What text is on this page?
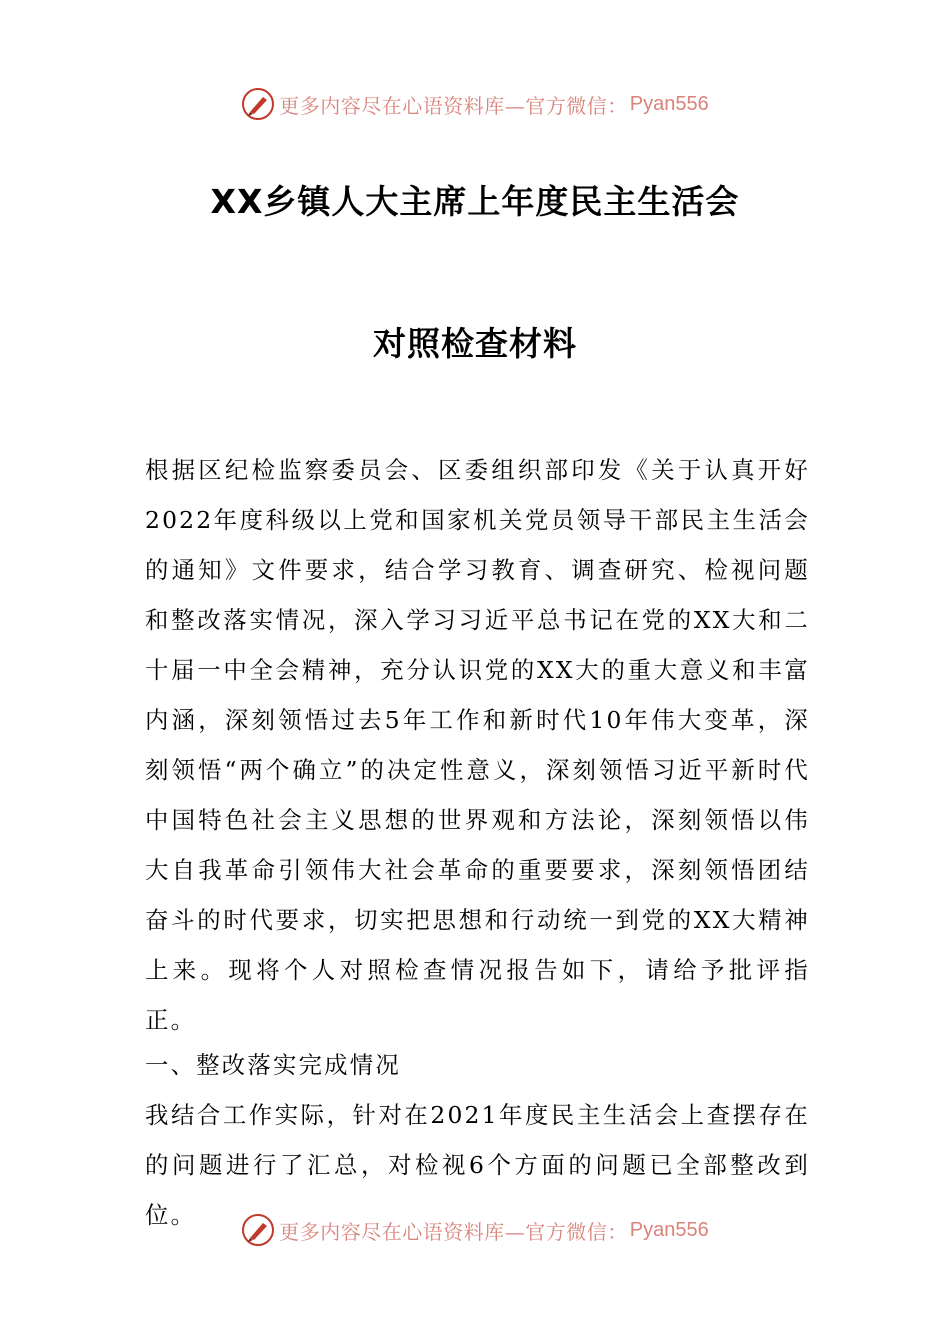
更多内容尽在心语资料库—官方微信： Pyan556
XX乡镇人大主席上年度民主生活会
对照检查材料

根据区纪检监察委员会、区委组织部印发《关于认真开好2022年度科级以上党和国家机关党员领导干部民主生活会的通知》文件要求，结合学习教育、调查研究、检视问题和整改落实情况，深入学习习近平总书记在党的XX大和二十届一中全会精神，充分认识党的XX大的重大意义和丰富内涵，深刻领悟过去5年工作和新时代10年伟大变革，深刻领悟“两个确立”的决定性意义，深刻领悟习近平新时代中国特色社会主义思想的世界观和方法论，深刻领悟以伟大自我革命引领伟大社会革命的重要要求，深刻领悟团结奋斗的时代要求，切实把思想和行动统一到党的XX大精神上来。现将个人对照检查情况报告如下，请给予批评指正。

一、整改落实完成情况

我结合工作实际，针对在2021年度民主生活会上查摆存在的问题进行了汇总，对检视6个方面的问题已全部整改到位。

更多内容尽在心语资料库—官方微信： Pyan556
